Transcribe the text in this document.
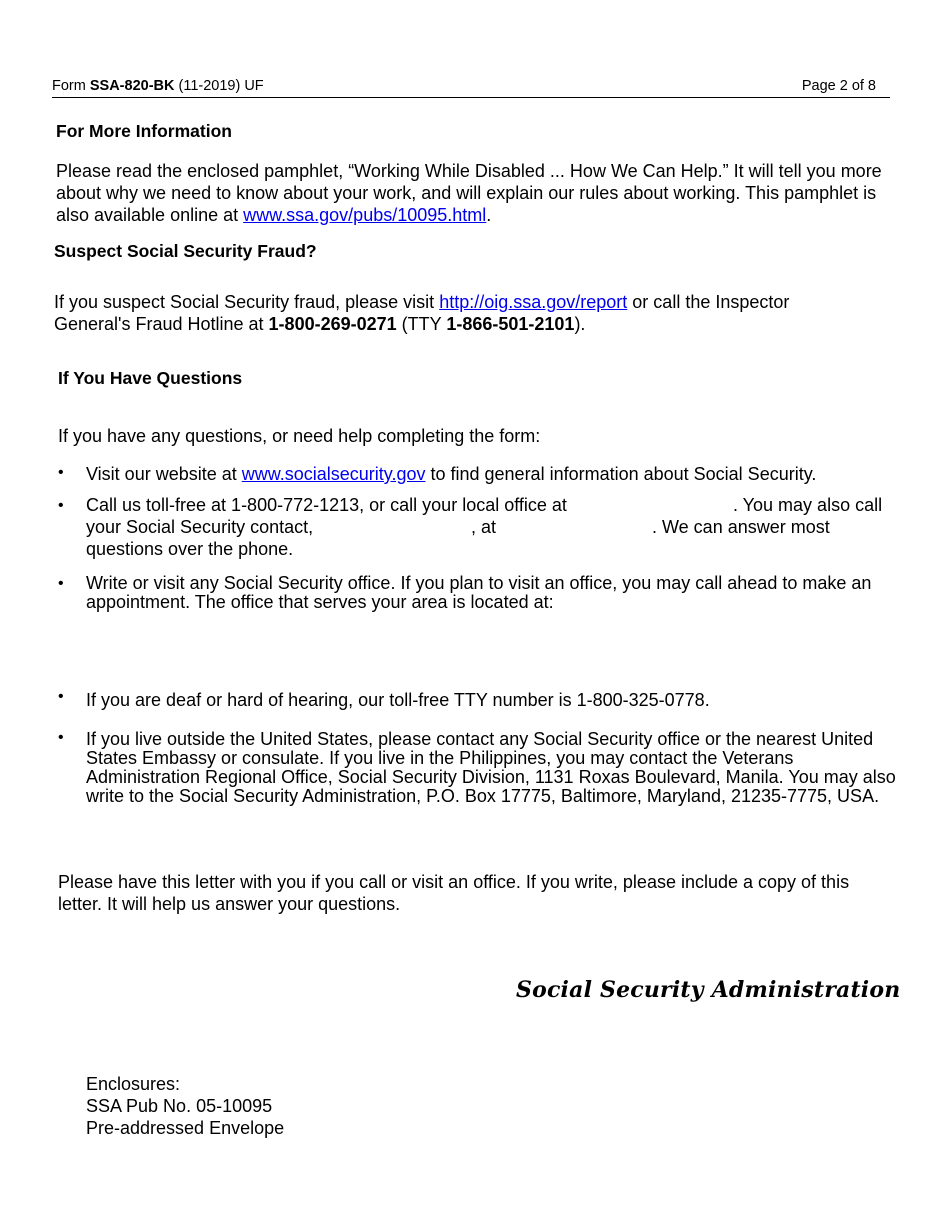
Form SSA-820-BK (11-2019) UF	Page 2 of 8
For More Information
Please read the enclosed pamphlet, “Working While Disabled ... How We Can Help.” It will tell you more about why we need to know about your work, and will explain our rules about working. This pamphlet is also available online at www.ssa.gov/pubs/10095.html.
Suspect Social Security Fraud?
If you suspect Social Security fraud, please visit http://oig.ssa.gov/report or call the Inspector General's Fraud Hotline at 1-800-269-0271 (TTY 1-866-501-2101).
If You Have Questions
If you have any questions, or need help completing the form:
• Visit our website at www.socialsecurity.gov to find general information about Social Security.
• Call us toll-free at 1-800-772-1213, or call your local office at	. You may also call
your Social Security contact,	, at	. We can answer most
questions over the phone.
• Write or visit any Social Security office. If you plan to visit an office, you may call ahead to make an appointment. The office that serves your area is located at:
• If you are deaf or hard of hearing, our toll-free TTY number is 1-800-325-0778.
• If you live outside the United States, please contact any Social Security office or the nearest United States Embassy or consulate. If you live in the Philippines, you may contact the Veterans Administration Regional Office, Social Security Division, 1131 Roxas Boulevard, Manila. You may also write to the Social Security Administration, P.O. Box 17775, Baltimore, Maryland, 21235-7775, USA.
Please have this letter with you if you call or visit an office. If you write, please include a copy of this letter. It will help us answer your questions.
Social Security Administration
Enclosures:
SSA Pub No. 05-10095
Pre-addressed Envelope
